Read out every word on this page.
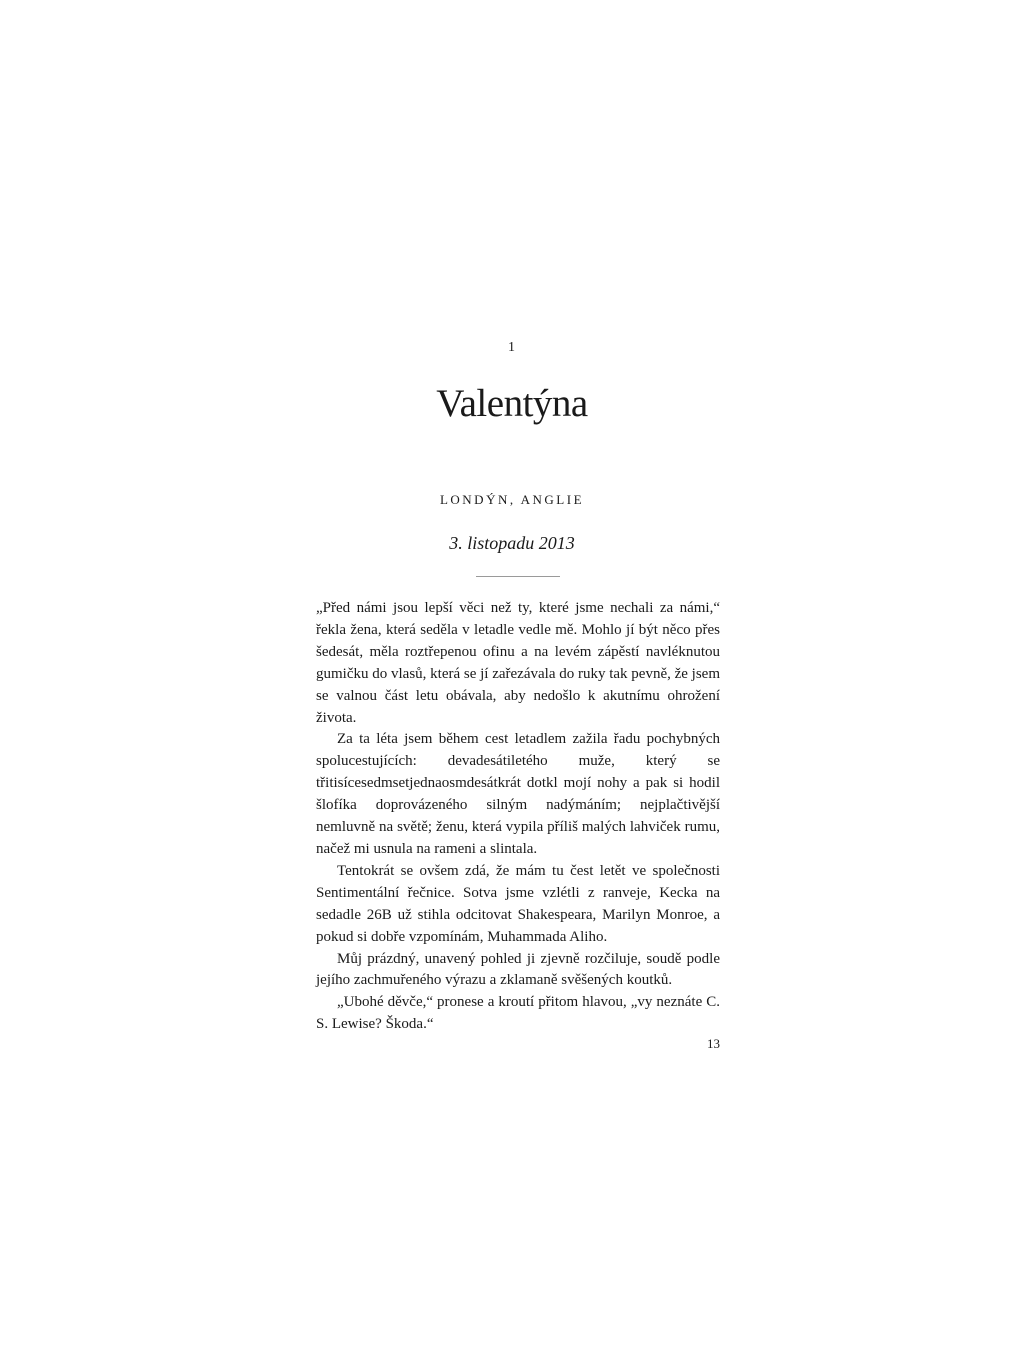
1
Valentýna
LONDÝN, ANGLIE
3. listopadu 2013

„Před námi jsou lepší věci než ty, které jsme nechali za námi,“ řekla žena, která seděla v letadle vedle mě. Mohlo jí být něco přes šedesát, měla roztřepenou ofinu a na levém zápěstí navléknutou gumičku do vlasů, která se jí zařezávala do ruky tak pevně, že jsem se valnou část letu obávala, aby nedošlo k akutnímu ohrožení života.

Za ta léta jsem během cest letadlem zažila řadu pochybných spolucestujících: devadesátiletého muže, který se třitisícesedmsetjednaosmdesátkrát dotkl mojí nohy a pak si hodil šlofíka doprovázeného silným nadýmáním; nejplačtivější nemluvně na světě; ženu, která vypila příliš malých lahviček rumu, načež mi usnula na rameni a slintala.

Tentokrát se ovšem zdá, že mám tu čest letět ve společnosti Sentimentální řečnice. Sotva jsme vzlétli z ranveje, Kecka na sedadle 26B už stihla odcitovat Shakespeara, Marilyn Monroe, a pokud si dobře vzpomínám, Muhammada Aliho.

Můj prázdný, unavený pohled ji zjevně rozčiluje, soudě podle jejího zachmuřeného výrazu a zklamaně svěšených koutků.

„Ubohé děvče,“ pronese a kroutí přitom hlavou, „vy neznáte C. S. Lewise? Škoda.“

13
